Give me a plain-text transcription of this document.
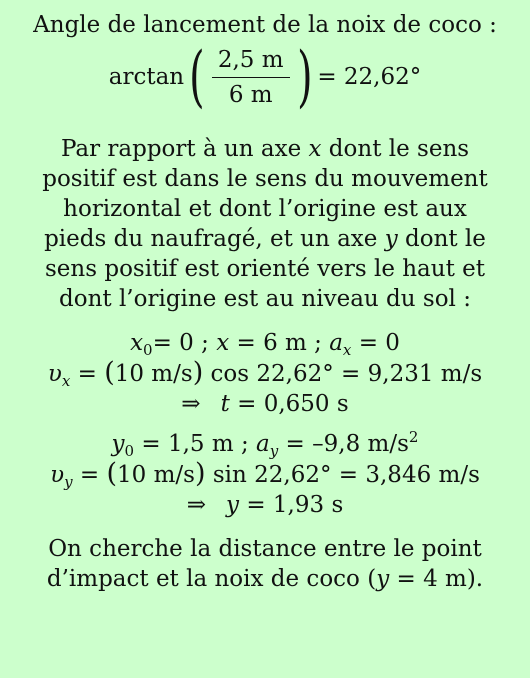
Angle de lancement de la noix de coco :
arctan ( $\frac{2,5 m}{6 m}$ ) = 22,62°
Par rapport à un axe x dont le sens
positif est dans le sens du mouvement
horizontal et dont l’origine est aux
pieds du naufragé, et un axe y dont le
sens positif est orienté vers le haut et
dont l’origine est au niveau du sol :
$x_0= 0$ ; x = 6 m ; $a_x = 0$
$\upsilon_x = (10$ m/s) cos 22,62° = 9,231 m/s
⇒ t = 0,650 s
$y_0 = 1,5$ m ; $a_y = -9,8$ $m/s^2$
$\upsilon_y = (10$ m/s) sin 22,62° = 3,846 m/s
⇒ y = 1,93 s
On cherche la distance entre le point
d’impact et la noix de coco (y = 4 m).
